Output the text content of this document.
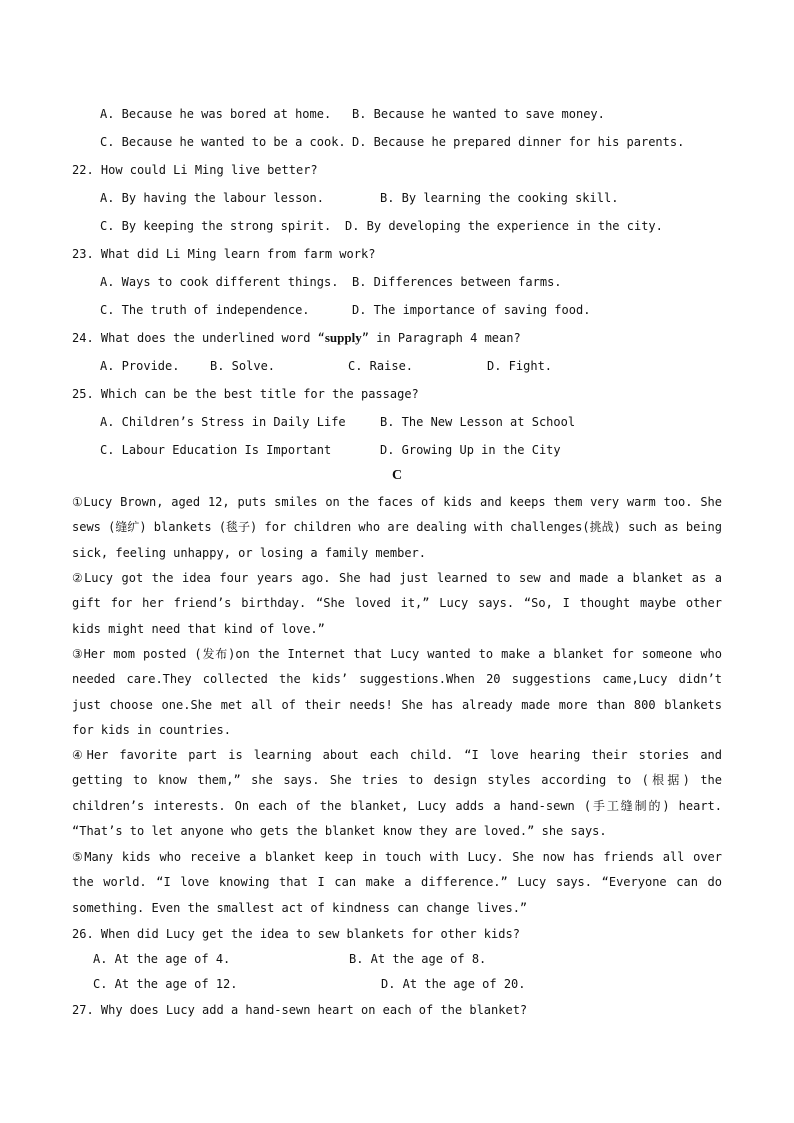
A. Because he was bored at home. B. Because he wanted to save money.
C. Because he wanted to be a cook. D. Because he prepared dinner for his parents.
22. How could Li Ming live better?
A. By having the labour lesson.	B. By learning the cooking skill.
C. By keeping the strong spirit. D. By developing the experience in the city.
23. What did Li Ming learn from farm work?
A. Ways to cook different things. B. Differences between farms.
C. The truth of independence.	D. The importance of saving food.
24. What does the underlined word “supply” in Paragraph 4 mean?
A. Provide.	B. Solve.	C. Raise.	D. Fight.
25. Which can be the best title for the passage?
A. Children’s Stress in Daily Life	B. The New Lesson at School
C. Labour Education Is Important	D. Growing Up in the City
C
①Lucy Brown, aged 12, puts smiles on the faces of kids and keeps them very warm too. She sews (缝纩) blankets (毯子) for children who are dealing with challenges(挑战) such as being sick, feeling unhappy, or losing a family member.
②Lucy got the idea four years ago. She had just learned to sew and made a blanket as a gift for her friend’s birthday. “She loved it,” Lucy says. “So, I thought maybe other kids might need that kind of love.”
③Her mom posted (发布)on the Internet that Lucy wanted to make a blanket for someone who needed care.They collected the kids’ suggestions.When 20 suggestions came,Lucy didn’t just choose one.She met all of their needs! She has already made more than 800 blankets for kids in countries.
④Her favorite part is learning about each child. “I love hearing their stories and getting to know them,” she says. She tries to design styles according to (根据) the children’s interests. On each of the blanket, Lucy adds a hand-sewn (手工缝制的) heart. “That’s to let anyone who gets the blanket know they are loved.” she says.
⑤Many kids who receive a blanket keep in touch with Lucy. She now has friends all over the world. “I love knowing that I can make a difference.” Lucy says. “Everyone can do something. Even the smallest act of kindness can change lives.”
26. When did Lucy get the idea to sew blankets for other kids?
A. At the age of 4.	B. At the age of 8.
C. At the age of 12.	D. At the age of 20.
27. Why does Lucy add a hand-sewn heart on each of the blanket?
